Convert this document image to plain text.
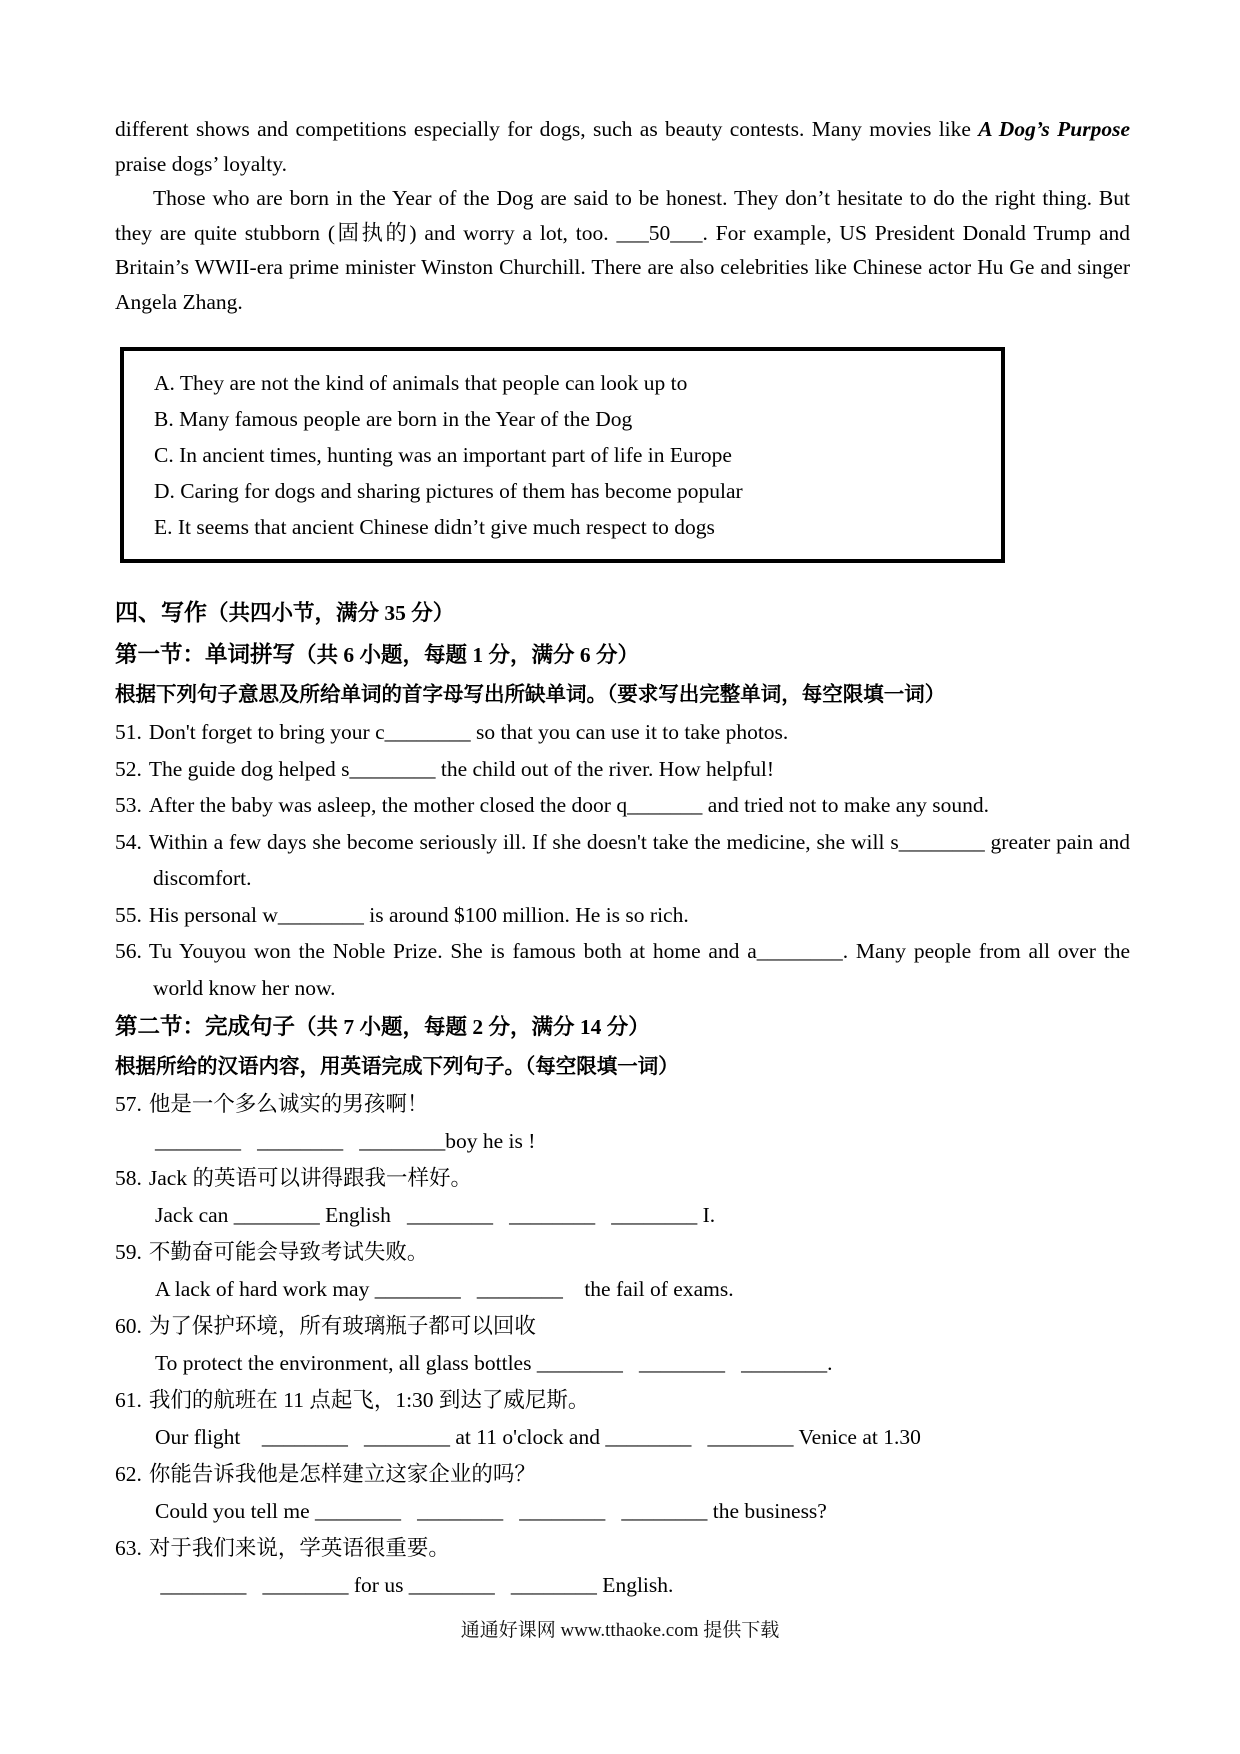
different shows and competitions especially for dogs, such as beauty contests. Many movies like A Dog’s Purpose praise dogs’ loyalty.

Those who are born in the Year of the Dog are said to be honest. They don’t hesitate to do the right thing. But they are quite stubborn (固执的) and worry a lot, too. ___50___. For example, US President Donald Trump and Britain’s WWII-era prime minister Winston Churchill. There are also celebrities like Chinese actor Hu Ge and singer Angela Zhang.

A. They are not the kind of animals that people can look up to
B. Many famous people are born in the Year of the Dog
C. In ancient times, hunting was an important part of life in Europe
D. Caring for dogs and sharing pictures of them has become popular
E. It seems that ancient Chinese didn’t give much respect to dogs
四、写作（共四小节，满分 35 分）
第一节：单词拼写（共 6 小题，每题 1 分，满分 6 分）

根据下列句子意思及所给单词的首字母写出所缺单词。（要求写出完整单词，每空限填一词）

51. Don't forget to bring your c________ so that you can use it to take photos.

52. The guide dog helped s________ the child out of the river. How helpful!

53. After the baby was asleep, the mother closed the door q_______ and tried not to make any sound.

54. Within a few days she become seriously ill. If she doesn't take the medicine, she will s________ greater pain and discomfort.

55. His personal w________ is around $100 million. He is so rich.

56. Tu Youyou won the Noble Prize. She is famous both at home and a________. Many people from all over the world know her now.

第二节：完成句子（共 7 小题，每题 2 分，满分 14 分）

根据所给的汉语内容，用英语完成下列句子。（每空限填一词）

57. 他是一个多么诚实的男孩啊！

________   ________   ________boy he is !

58. Jack 的英语可以讲得跟我一样好。

Jack can ________ English   ________   ________   ________ I.

59. 不勤奋可能会导致考试失败。

A lack of hard work may ________   ________    the fail of exams.

60. 为了保护环境，所有玻璃瓶子都可以回收

To protect the environment, all glass bottles ________   ________   ________.

61. 我们的航班在 11 点起飞，1:30 到达了威尼斯。

Our flight    ________   ________ at 11 o'clock and ________   ________ Venice at 1.30

62. 你能告诉我他是怎样建立这家企业的吗？

Could you tell me ________   ________   ________   ________ the business?

63. 对于我们来说，学英语很重要。

________   ________ for us ________   ________ English.

通通好课网 www.tthaoke.com 提供下载
